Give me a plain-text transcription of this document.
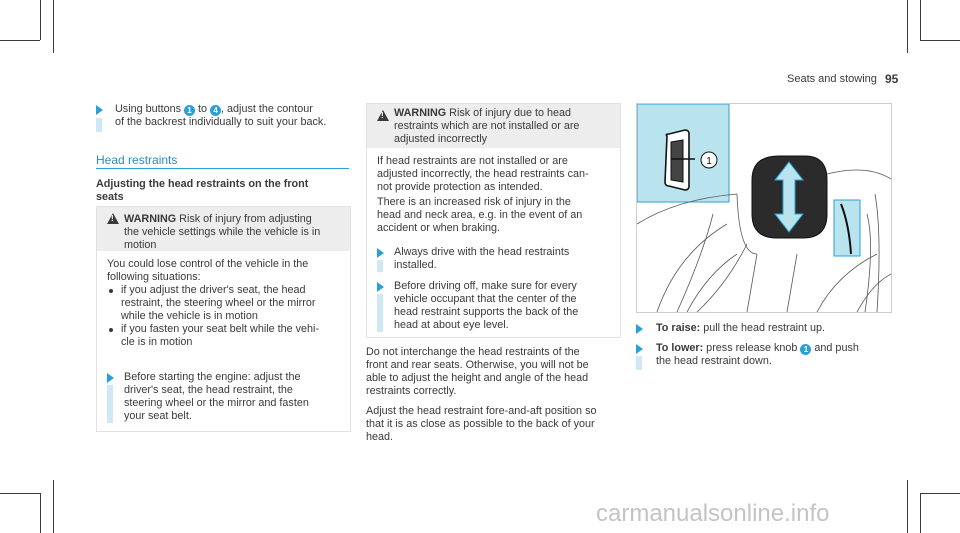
Seats and stowing 95
Using buttons 1 to 4 , adjust the contour
of the backrest individually to suit your back.
Head restraints
Adjusting the head restraints on the front
seats
!
WARNING Risk of injury from adjusting
the vehicle settings while the vehicle is in
motion
You could lose control of the vehicle in the
following situations:
if you adjust the driver's seat, the head
restraint, the steering wheel or the mirror
while the vehicle is in motion
if you fasten your seat belt while the vehi-
cle is in motion
Before starting the engine: adjust the
driver's seat, the head restraint, the
steering wheel or the mirror and fasten
your seat belt.
!
WARNING Risk of injury due to head
restraints which are not installed or are
adjusted incorrectly
If head restraints are not installed or are
adjusted incorrectly, the head restraints can-
not provide protection as intended.
There is an increased risk of injury in the
head and neck area, e.g. in the event of an
accident or when braking.
Always drive with the head restraints
installed.
Before driving off, make sure for every
vehicle occupant that the center of the
head restraint supports the back of the
head at about eye level.
Do not interchange the head restraints of the
front and rear seats. Otherwise, you will not be
able to adjust the height and angle of the head
restraints correctly.
Adjust the head restraint fore-and-aft position so
that it is as close as possible to the back of your
head.
1
To raise: pull the head restraint up.
To lower: press release knob 1 and push
the head restraint down.
carmanualsonline.info
